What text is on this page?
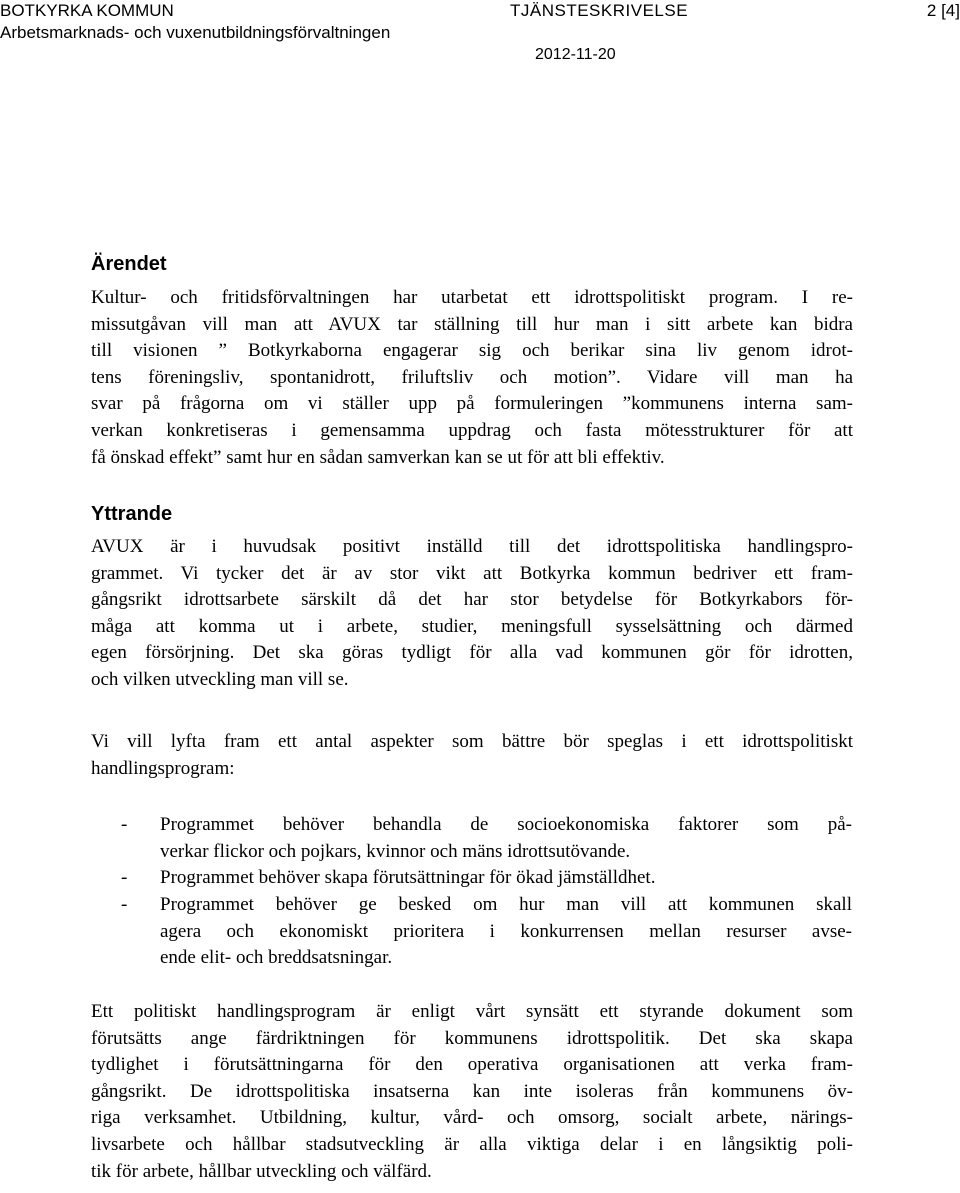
BOTKYRKA KOMMUN
Arbetsmarknads- och vuxenutbildningsförvaltningen
TJÄNSTESKRIVELSE	2 [4]
2012-11-20
Ärendet
Kultur- och fritidsförvaltningen har utarbetat ett idrottspolitiskt program. I re-
missutgåvan vill man att AVUX tar ställning till hur man i sitt arbete kan bidra
till visionen ” Botkyrkaborna engagerar sig och berikar sina liv genom idrot-
tens föreningsliv, spontanidrott, friluftsliv och motion”. Vidare vill man ha
svar på frågorna om vi ställer upp på formuleringen ”kommunens interna sam-
verkan konkretiseras i gemensamma uppdrag och fasta mötesstrukturer för att
få önskad effekt” samt hur en sådan samverkan kan se ut för att bli effektiv.
Yttrande
AVUX är i huvudsak positivt inställd till det idrottspolitiska handlingspro-
grammet. Vi tycker det är av stor vikt att Botkyrka kommun bedriver ett fram-
gångsrikt idrottsarbete särskilt då det har stor betydelse för Botkyrkabors för-
måga att komma ut i arbete, studier, meningsfull sysselsättning och därmed
egen försörjning. Det ska göras tydligt för alla vad kommunen gör för idrotten,
och vilken utveckling man vill se.
Vi vill lyfta fram ett antal aspekter som bättre bör speglas i ett idrottspolitiskt
handlingsprogram:
- Programmet behöver behandla de socioekonomiska faktorer som på-
verkar flickor och pojkars, kvinnor och mäns idrottsutövande.
- Programmet behöver skapa förutsättningar för ökad jämställdhet.
- Programmet behöver ge besked om hur man vill att kommunen skall
agera och ekonomiskt prioritera i konkurrensen mellan resurser avse-
ende elit- och breddsatsningar.
Ett politiskt handlingsprogram är enligt vårt synsätt ett styrande dokument som
förutsätts ange färdriktningen för kommunens idrottspolitik. Det ska skapa
tydlighet i förutsättningarna för den operativa organisationen att verka fram-
gångsrikt. De idrottspolitiska insatserna kan inte isoleras från kommunens öv-
riga verksamhet. Utbildning, kultur, vård- och omsorg, socialt arbete, närings-
livsarbete och hållbar stadsutveckling är alla viktiga delar i en långsiktig poli-
tik för arbete, hållbar utveckling och välfärd.
